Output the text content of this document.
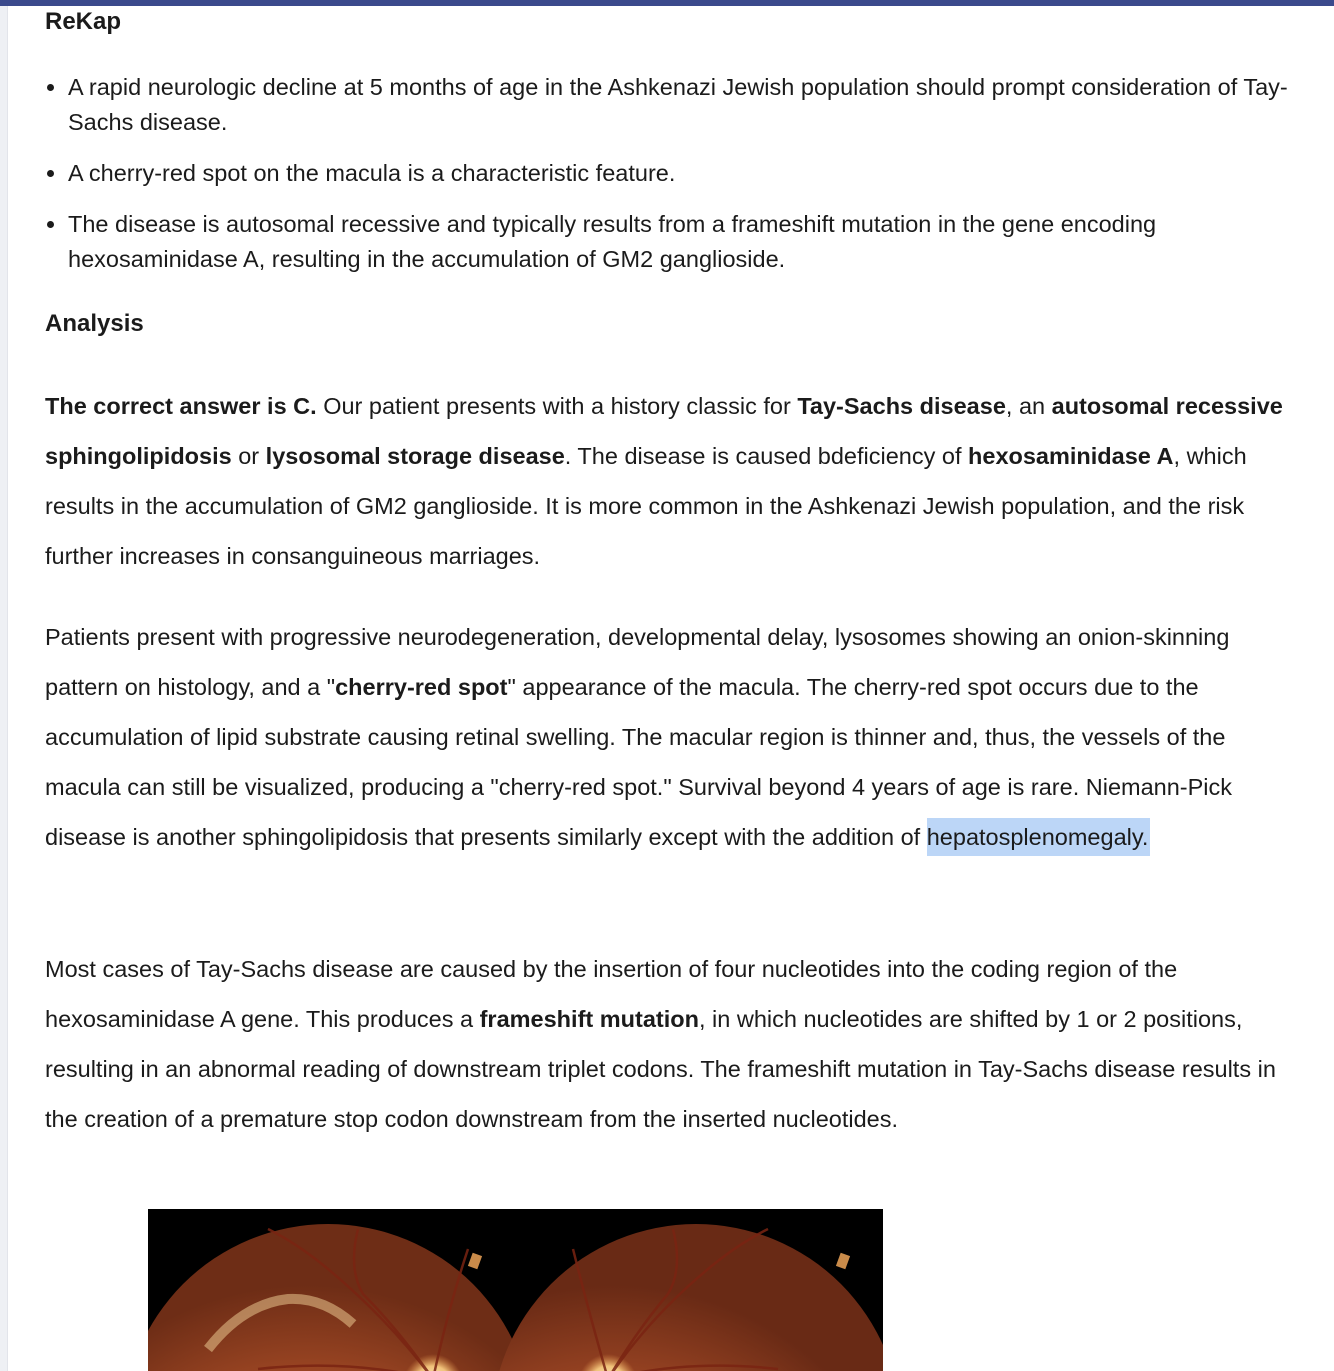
ReKap
• A rapid neurologic decline at 5 months of age in the Ashkenazi Jewish population should prompt consideration of Tay-Sachs disease.
• A cherry-red spot on the macula is a characteristic feature.
• The disease is autosomal recessive and typically results from a frameshift mutation in the gene encoding hexosaminidase A, resulting in the accumulation of GM2 ganglioside.
Analysis

The correct answer is C. Our patient presents with a history classic for Tay-Sachs disease, an autosomal recessive sphingolipidosis or lysosomal storage disease. The disease is caused bdeficiency of hexosaminidase A, which results in the accumulation of GM2 ganglioside. It is more common in the Ashkenazi Jewish population, and the risk further increases in consanguineous marriages.

Patients present with progressive neurodegeneration, developmental delay, lysosomes showing an onion-skinning pattern on histology, and a "cherry-red spot" appearance of the macula. The cherry-red spot occurs due to the accumulation of lipid substrate causing retinal swelling. The macular region is thinner and, thus, the vessels of the macula can still be visualized, producing a "cherry-red spot." Survival beyond 4 years of age is rare. Niemann-Pick disease is another sphingolipidosis that presents similarly except with the addition of hepatosplenomegaly.

Most cases of Tay-Sachs disease are caused by the insertion of four nucleotides into the coding region of the hexosaminidase A gene. This produces a frameshift mutation, in which nucleotides are shifted by 1 or 2 positions, resulting in an abnormal reading of downstream triplet codons. The frameshift mutation in Tay-Sachs disease results in the creation of a premature stop codon downstream from the inserted nucleotides.
